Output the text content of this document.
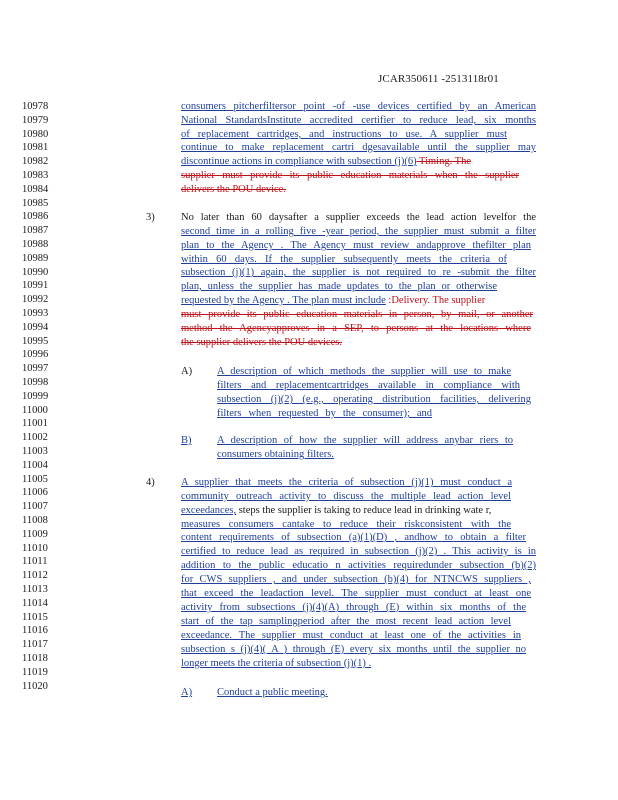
JCAR350611 -2513118r01
10978
10979
10980
10981
10982
10983
10984
10985
10986
10987
10988
10989
10990
10991
10992
10993
10994
10995
10996
10997
10998
10999
11000
11001
11002
11003
11004
11005
11006
11007
11008
11009
11010
11011
11012
11013
11014
11015
11016
11017
11018
11019
11020
3)
A)
B)
4)
A)
consumers pitcherfiltersor point -of -use devices certified by an American
National StandardsInstitute accredited certifier to reduce lead, six months
of replacement cartridges, and instructions to use. A supplier must
continue to make replacement cartri dgesavailable until the supplier may
discontinue actions in compliance with subsection (j)(6) Timing. The
supplier must provide its public education materials when the supplier
delivers the POU device.
No later than 60 daysafter a supplier exceeds the lead action levelfor the
second time in a rolling five -year period, the supplier must submit a filter
plan to the Agency . The Agency must review andapprove thefilter plan
within 60 days. If the supplier subsequently meets the criteria of
subsection (j)(1) again, the supplier is not required to re -submit the filter
plan, unless the supplier has made updates to the plan or otherwise
requested by the Agency . The plan must include :Delivery. The supplier
must provide its public education materials in person, by mail, or another
method the Agencyapproves in a SEP, to persons at the locations where
the supplier delivers the POU devices.
A description of which methods the supplier will use to make
filters and replacementcartridges available in compliance with
subsection (j)(2) (e.g., operating distribution facilities, delivering
filters when requested by the consumer); and
A description of how the supplier will address anybar riers to
consumers obtaining filters.
A supplier that meets the criteria of subsection (j)(1) must conduct a
community outreach activity to discuss the multiple lead action level
exceedances, steps the supplier is taking to reduce lead in drinking wate r,
measures consumers cantake to reduce their riskconsistent with the
content requirements of subsection (a)(1)(D) , andhow to obtain a filter
certified to reduce lead as required in subsection (j)(2) . This activity is in
addition to the public educatio n activities requiredunder subsection (b)(2)
for CWS suppliers , and under subsection (b)(4) for NTNCWS suppliers ,
that exceed the leadaction level. The supplier must conduct at least one
activity from subsections (j)(4)(A) through (E) within six months of the
start of the tap samplingperiod after the most recent lead action level
exceedance. The supplier must conduct at least one of the activities in
subsection s (j)(4)( A ) through (E) every six months until the supplier no
longer meets the criteria of subsection (j)(1) .
Conduct a public meeting.
